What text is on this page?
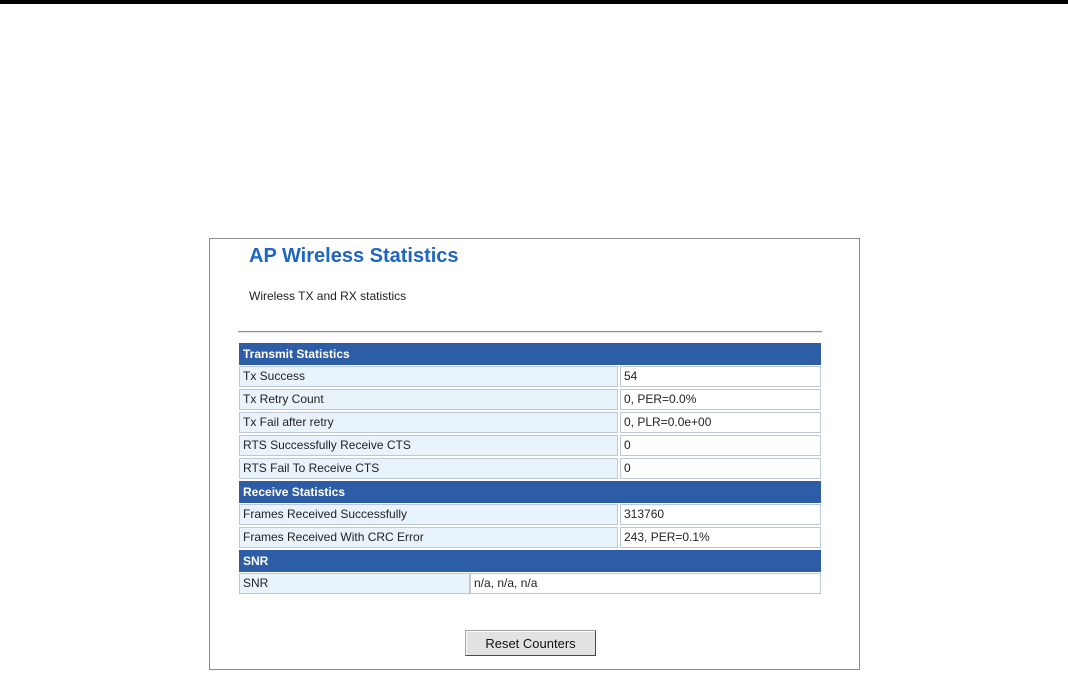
AP Wireless Statistics
Wireless TX and RX statistics
Transmit Statistics
Tx Success	54
Tx Retry Count	0, PER=0.0%
Tx Fail after retry	0, PLR=0.0e+00
RTS Successfully Receive CTS	0
RTS Fail To Receive CTS	0
Receive Statistics
Frames Received Successfully	313760
Frames Received With CRC Error	243, PER=0.1%
SNR
SNR	n/a, n/a, n/a
Reset Counters
